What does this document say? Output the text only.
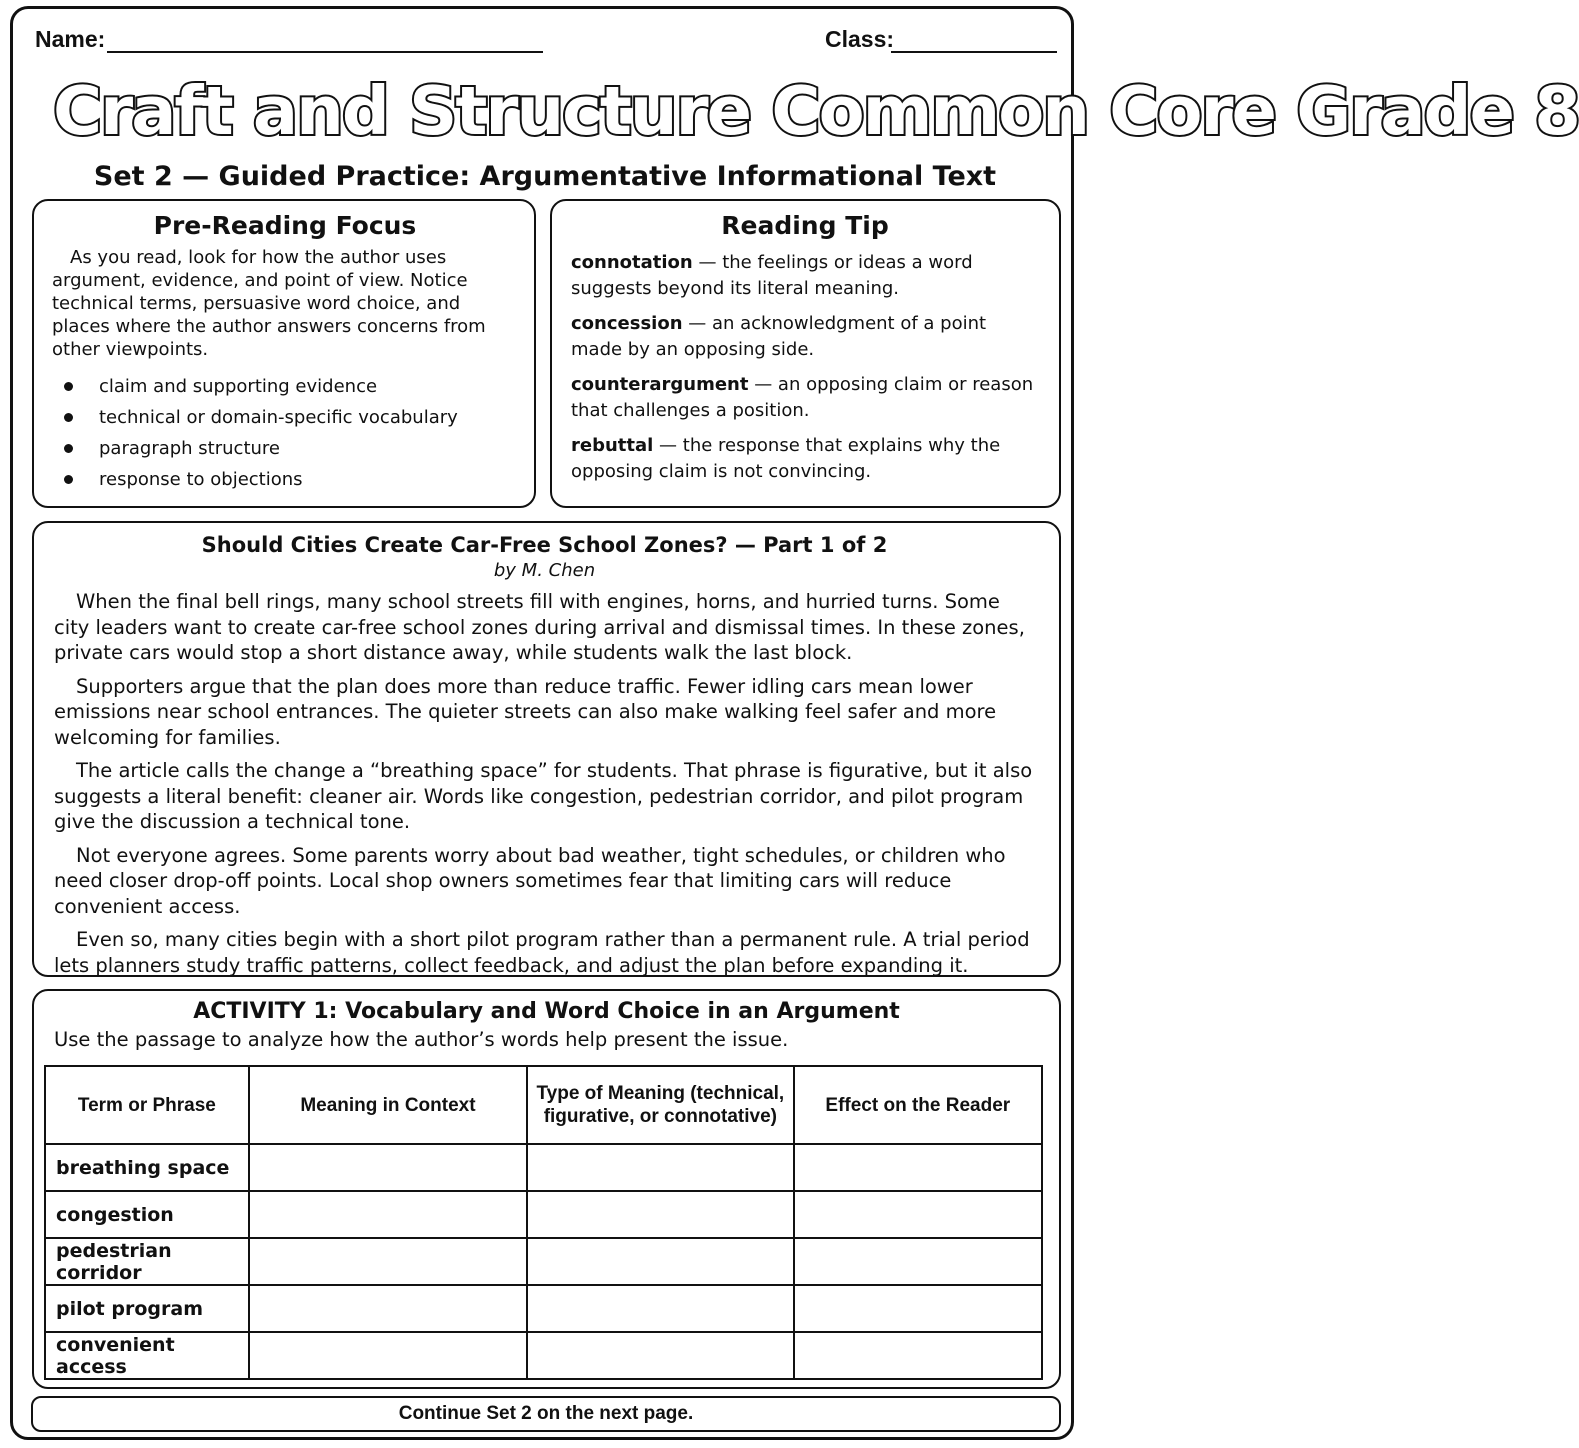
Name:	Class:
Craft and Structure Common Core Grade 8
Set 2 — Guided Practice: Argumentative Informational Text

Pre-Reading Focus

As you read, look for how the author uses argument, evidence, and point of view. Notice technical terms, persuasive word choice, and places where the author answers concerns from other viewpoints.

claim and supporting evidence
technical or domain-specific vocabulary
paragraph structure
response to objections

Reading Tip

connotation — the feelings or ideas a word suggests beyond its literal meaning.

concession — an acknowledgment of a point made by an opposing side.

counterargument — an opposing claim or reason that challenges a position.

rebuttal — the response that explains why the opposing claim is not convincing.

Should Cities Create Car-Free School Zones? — Part 1 of 2

by M. Chen

When the final bell rings, many school streets fill with engines, horns, and hurried turns. Some city leaders want to create car-free school zones during arrival and dismissal times. In these zones, private cars would stop a short distance away, while students walk the last block.

Supporters argue that the plan does more than reduce traffic. Fewer idling cars mean lower emissions near school entrances. The quieter streets can also make walking feel safer and more welcoming for families.

The article calls the change a “breathing space” for students. That phrase is figurative, but it also suggests a literal benefit: cleaner air. Words like congestion, pedestrian corridor, and pilot program give the discussion a technical tone.

Not everyone agrees. Some parents worry about bad weather, tight schedules, or children who need closer drop-off points. Local shop owners sometimes fear that limiting cars will reduce convenient access.

Even so, many cities begin with a short pilot program rather than a permanent rule. A trial period lets planners study traffic patterns, collect feedback, and adjust the plan before expanding it.

ACTIVITY 1: Vocabulary and Word Choice in an Argument

Use the passage to analyze how the author’s words help present the issue.

Term or Phrase	Meaning in Context	Type of Meaning (technical, figurative, or connotative)	Effect on the Reader
breathing space			
congestion			
pedestrian corridor			
pilot program			
convenient access			
Continue Set 2 on the next page.
